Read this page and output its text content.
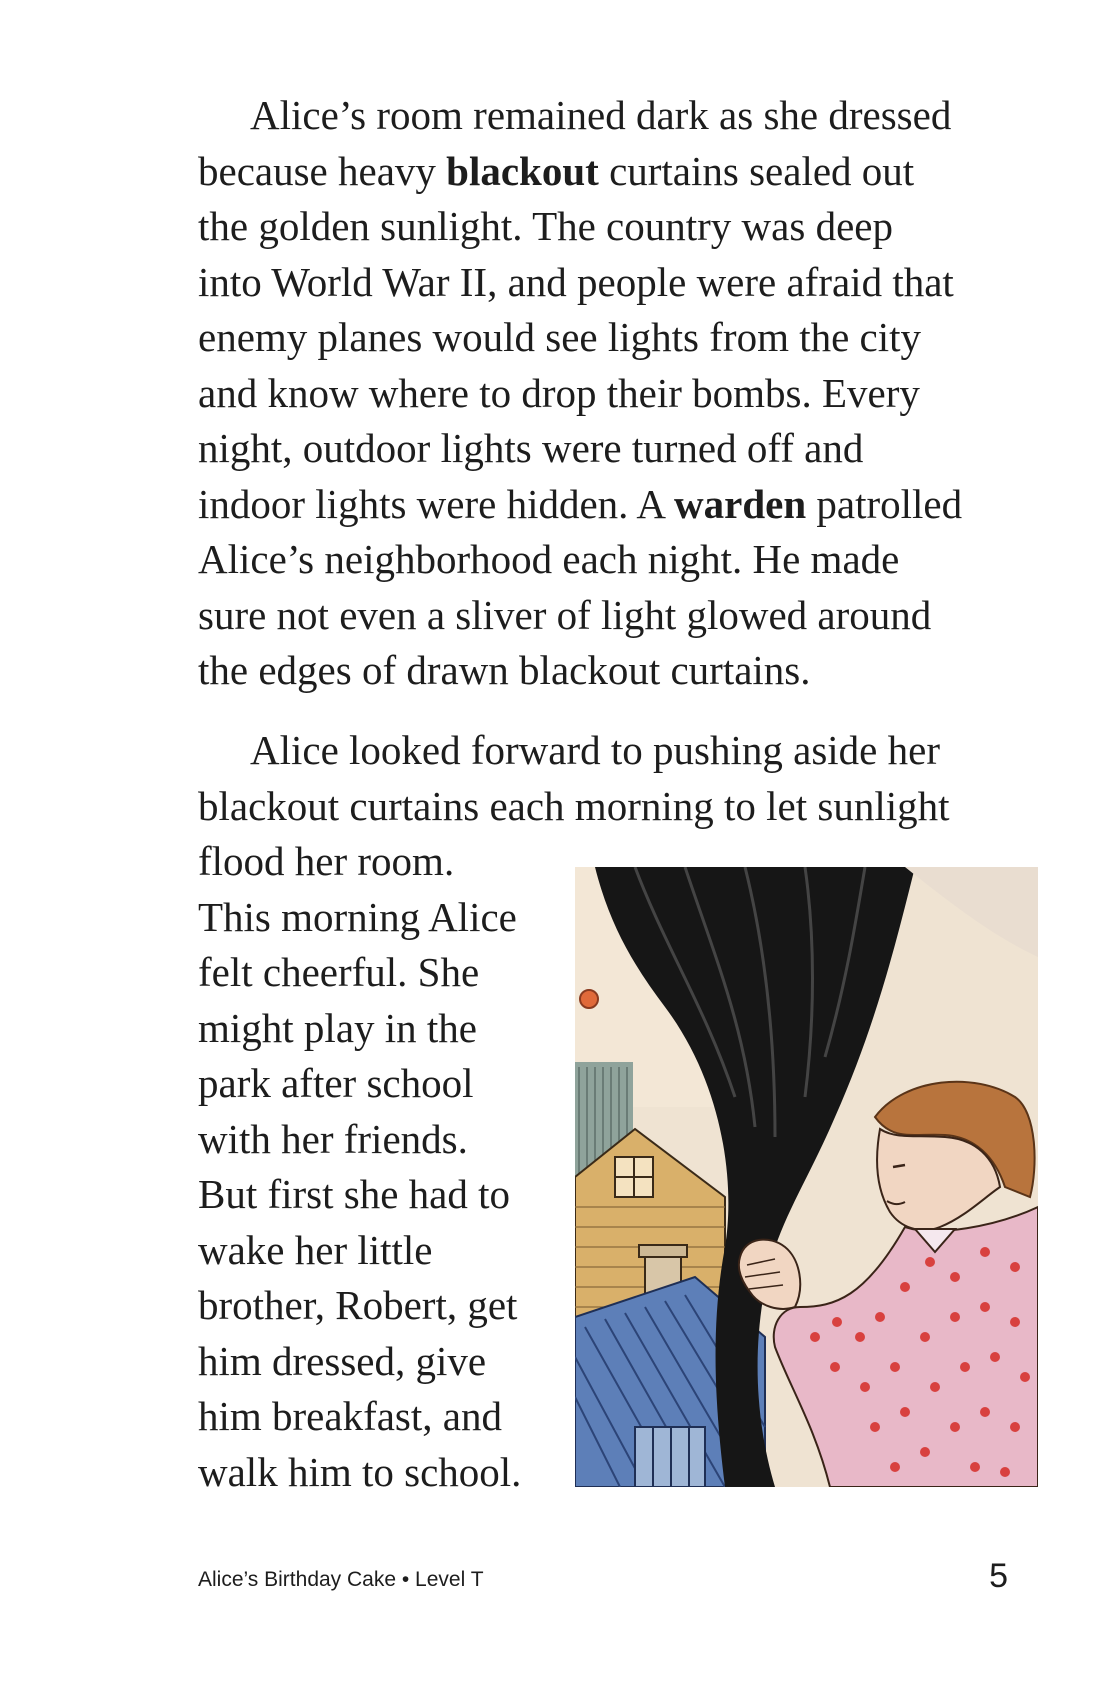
Alice’s room remained dark as she dressed
because heavy blackout curtains sealed out
the golden sunlight. The country was deep
into World War II, and people were afraid that
enemy planes would see lights from the city
and know where to drop their bombs. Every
night, outdoor lights were turned off and
indoor lights were hidden. A warden patrolled
Alice’s neighborhood each night. He made
sure not even a sliver of light glowed around
the edges of drawn blackout curtains.
Alice looked forward to pushing aside her
blackout curtains each morning to let sunlight
flood her room.
This morning Alice
felt cheerful. She
might play in the
park after school
with her friends.
But first she had to
wake her little
brother, Robert, get
him dressed, give
him breakfast, and
walk him to school.
Alice’s Birthday Cake • Level T	5
